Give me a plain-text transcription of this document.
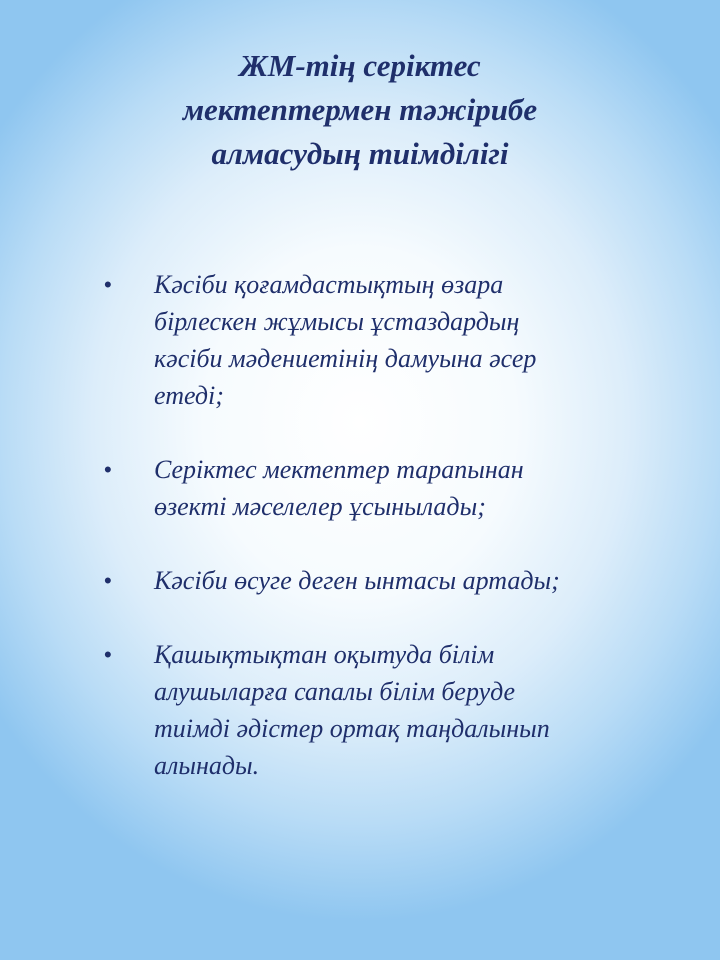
ЖМ-тің серіктес
мектептермен тәжірибе
алмасудың тиімділігі
• Кәсіби қоғамдастықтың өзара
бірлескен жұмысы ұстаздардың
кәсіби мәдениетінің дамуына әсер
етеді;
• Серіктес мектептер тарапынан
өзекті мәселелер ұсынылады;
• Кәсіби өсуге деген ынтасы артады;
• Қашықтықтан оқытуда білім
алушыларға сапалы білім беруде
тиімді әдістер ортақ таңдалынып
алынады.
